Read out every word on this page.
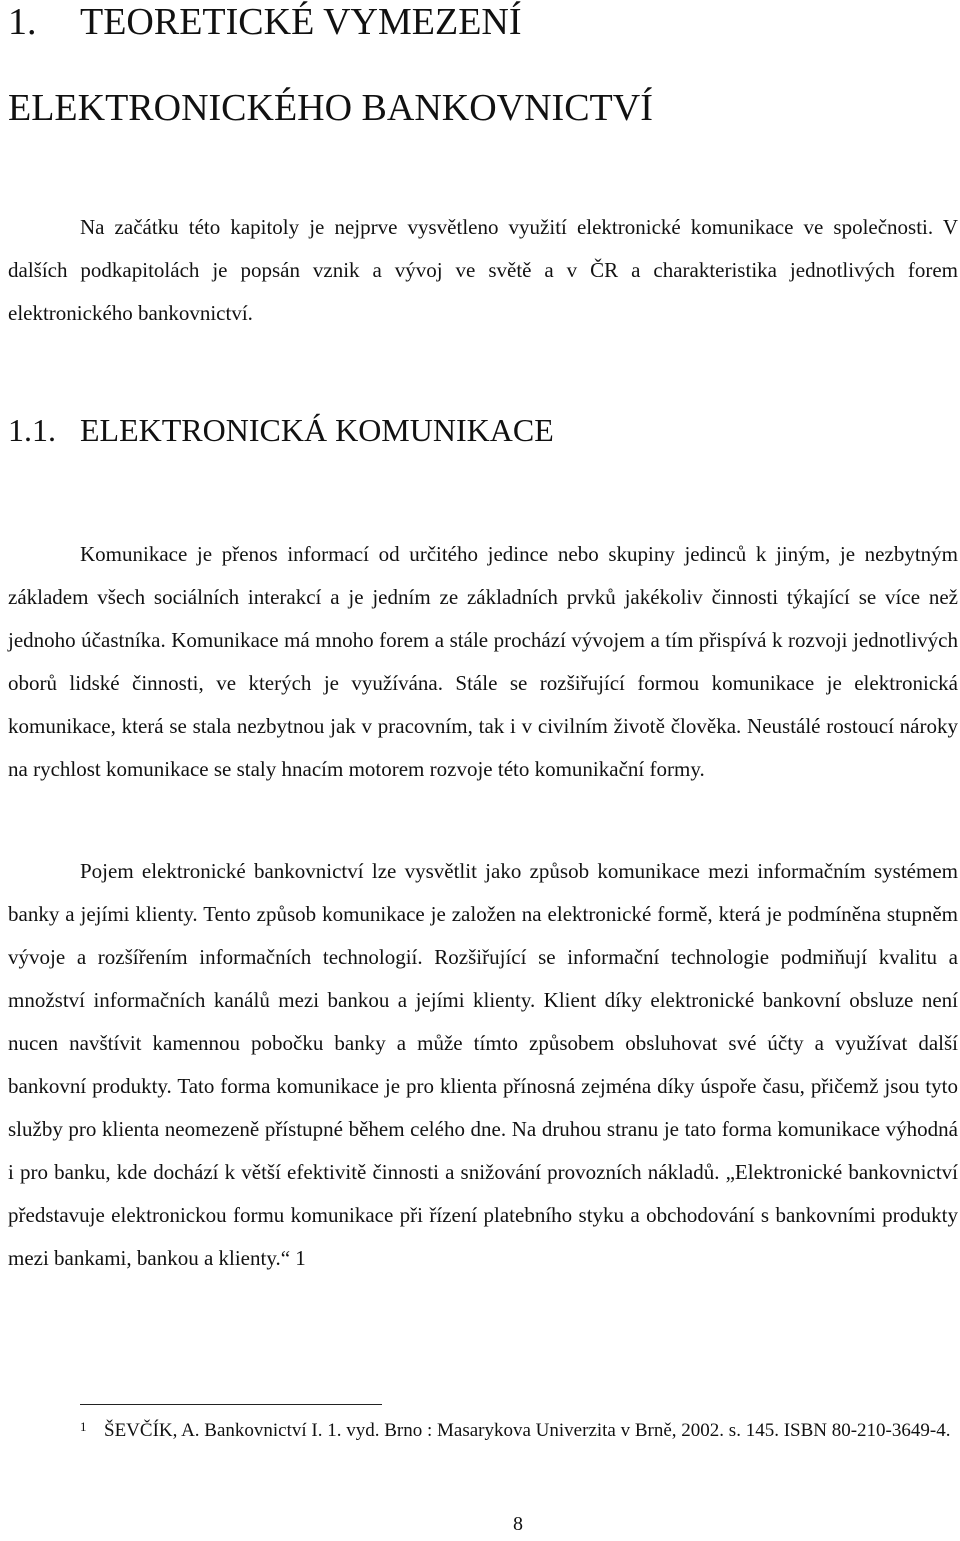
1. TEORETICKÉ VYMEZENÍ
ELEKTRONICKÉHO BANKOVNICTVÍ

Na začátku této kapitoly je nejprve vysvětleno využití elektronické komunikace ve společnosti. V dalších podkapitolách je popsán vznik a vývoj ve světě a v ČR a charakteristika jednotlivých forem elektronického bankovnictví.

1.1. ELEKTRONICKÁ KOMUNIKACE

Komunikace je přenos informací od určitého jedince nebo skupiny jedinců k jiným, je nezbytným základem všech sociálních interakcí a je jedním ze základních prvků jakékoliv činnosti týkající se více než jednoho účastníka. Komunikace má mnoho forem a stále prochází vývojem a tím přispívá k rozvoji jednotlivých oborů lidské činnosti, ve kterých je využívána. Stále se rozšiřující formou komunikace je elektronická komunikace, která se stala nezbytnou jak v pracovním, tak i v civilním životě člověka. Neustálé rostoucí nároky na rychlost komunikace se staly hnacím motorem rozvoje této komunikační formy.

Pojem elektronické bankovnictví lze vysvětlit jako způsob komunikace mezi informačním systémem banky a jejími klienty. Tento způsob komunikace je založen na elektronické formě, která je podmíněna stupněm vývoje a rozšířením informačních technologií. Rozšiřující se informační technologie podmiňují kvalitu a množství informačních kanálů mezi bankou a jejími klienty. Klient díky elektronické bankovní obsluze není nucen navštívit kamennou pobočku banky a může tímto způsobem obsluhovat své účty a využívat další bankovní produkty. Tato forma komunikace je pro klienta přínosná zejména díky úspoře času, přičemž jsou tyto služby pro klienta neomezeně přístupné během celého dne. Na druhou stranu je tato forma komunikace výhodná i pro banku, kde dochází k větší efektivitě činnosti a snižování provozních nákladů. „Elektronické bankovnictví představuje elektronickou formu komunikace při řízení platebního styku a obchodování s bankovními produkty mezi bankami, bankou a klienty.“ 1

1 ŠEVČÍK, A. Bankovnictví I. 1. vyd. Brno : Masarykova Univerzita v Brně, 2002. s. 145. ISBN 80-210-3649-4.

8
